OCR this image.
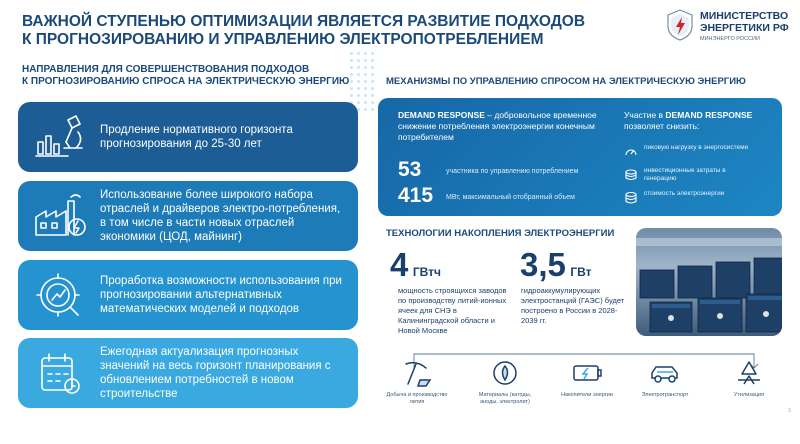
ВАЖНОЙ СТУПЕНЬЮ ОПТИМИЗАЦИИ ЯВЛЯЕТСЯ РАЗВИТИЕ ПОДХОДОВ
К ПРОГНОЗИРОВАНИЮ И УПРАВЛЕНИЮ ЭЛЕКТРОПОТРЕБЛЕНИЕМ
МИНИСТЕРСТВО
ЭНЕРГЕТИКИ РФ
МИНЭНЕРГО РОССИИ
НАПРАВЛЕНИЯ ДЛЯ СОВЕРШЕНСТВОВАНИЯ ПОДХОДОВ
К ПРОГНОЗИРОВАНИЮ СПРОСА НА ЭЛЕКТРИЧЕСКУЮ ЭНЕРГИЮ
Продление нормативного горизонта прогнозирования до 25-30 лет
Использование более широкого набора отраслей и драйверов электро-потребления, в том числе в части новых отраслей экономики (ЦОД, майнинг)
Проработка возможности использования при прогнозировании альтернативных математических моделей и подходов
Ежегодная актуализация прогнозных значений на весь горизонт планирования с обновлением потребностей в новом строительстве
МЕХАНИЗМЫ ПО УПРАВЛЕНИЮ СПРОСОМ НА ЭЛЕКТРИЧЕСКУЮ ЭНЕРГИЮ
DEMAND RESPONSE – добровольное временное снижение потребления электроэнергии конечным потребителем
53	участника по управлению потреблением
415 МВт, максимальный отобранный объем
Участие в DEMAND RESPONSE
позволяет снизить:
пиковую нагрузку в энергосистеме
инвестиционные затраты в генерацию
стоимость электроэнергии
ТЕХНОЛОГИИ НАКОПЛЕНИЯ ЭЛЕКТРОЭНЕРГИИ
4 ГВтч
мощность строящихся заводов по производству литий-ионных ячеек для СНЭ в Калининградской области и Новой Москве
3,5 ГВт
гидроаккумулирующих электростанций (ГАЭС) будет построено в России в 2028-2039 гг.
Добыча и производство лития
Материалы (катоды, аноды, электролит)
Накопители энергии	Электротранспорт	Утилизация
3
